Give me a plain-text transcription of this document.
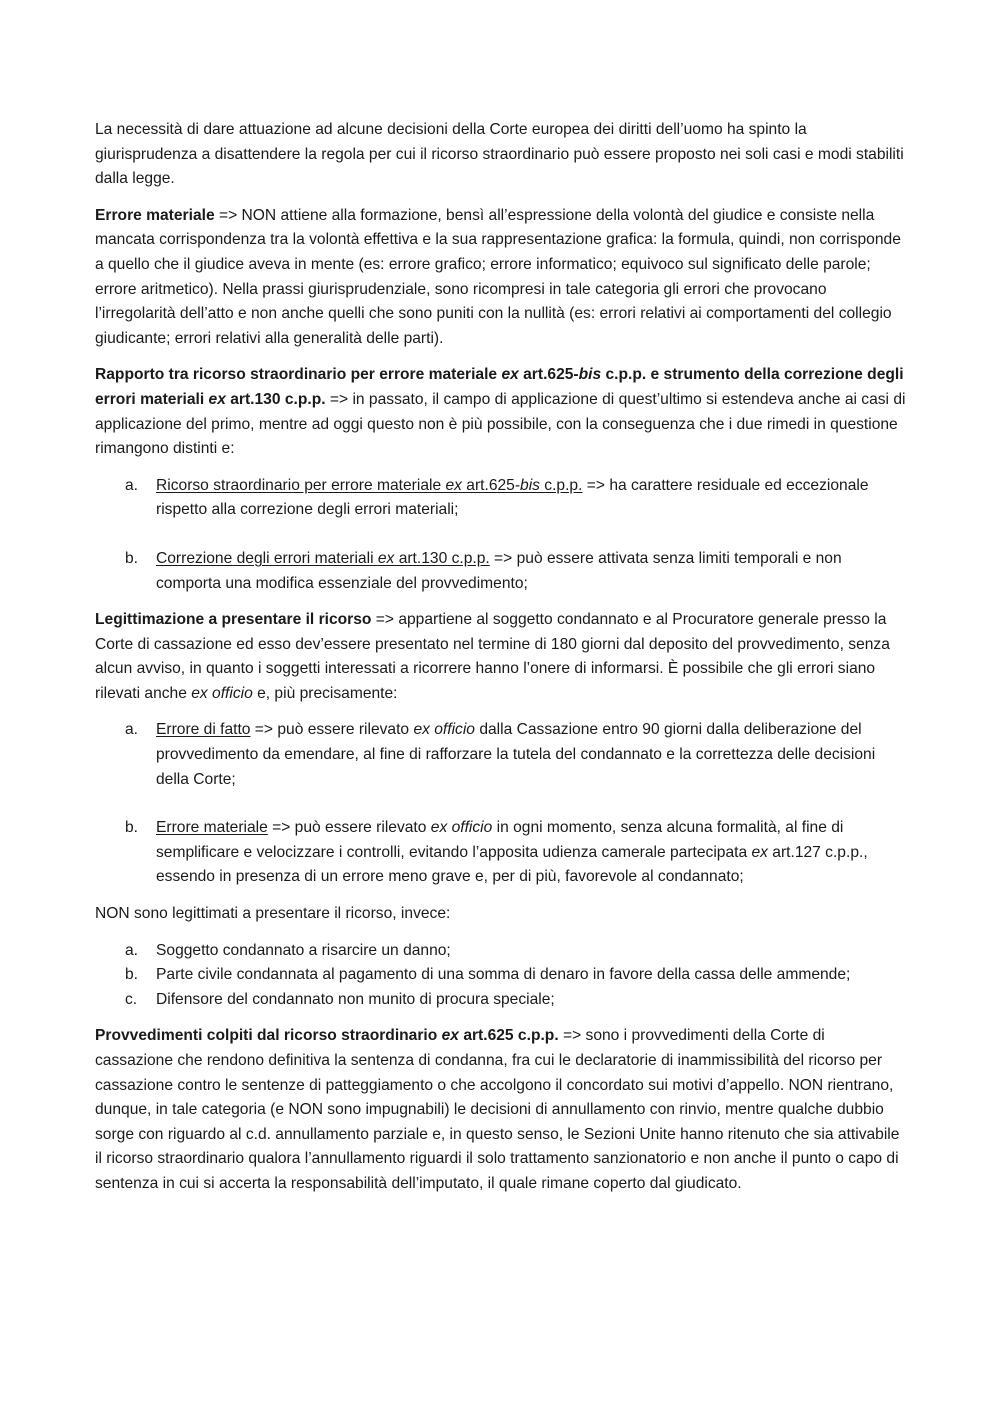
La necessità di dare attuazione ad alcune decisioni della Corte europea dei diritti dell’uomo ha spinto la giurisprudenza a disattendere la regola per cui il ricorso straordinario può essere proposto nei soli casi e modi stabiliti dalla legge.

Errore materiale => NON attiene alla formazione, bensì all’espressione della volontà del giudice e consiste nella mancata corrispondenza tra la volontà effettiva e la sua rappresentazione grafica: la formula, quindi, non corrisponde a quello che il giudice aveva in mente (es: errore grafico; errore informatico; equivoco sul significato delle parole; errore aritmetico). Nella prassi giurisprudenziale, sono ricompresi in tale categoria gli errori che provocano l’irregolarità dell’atto e non anche quelli che sono puniti con la nullità (es: errori relativi ai comportamenti del collegio giudicante; errori relativi alla generalità delle parti).

Rapporto tra ricorso straordinario per errore materiale ex art.625-bis c.p.p. e strumento della correzione degli errori materiali ex art.130 c.p.p. => in passato, il campo di applicazione di quest’ultimo si estendeva anche ai casi di applicazione del primo, mentre ad oggi questo non è più possibile, con la conseguenza che i due rimedi in questione rimangono distinti e:

a. Ricorso straordinario per errore materiale ex art.625-bis c.p.p. => ha carattere residuale ed eccezionale rispetto alla correzione degli errori materiali;
b. Correzione degli errori materiali ex art.130 c.p.p. => può essere attivata senza limiti temporali e non comporta una modifica essenziale del provvedimento;

Legittimazione a presentare il ricorso => appartiene al soggetto condannato e al Procuratore generale presso la Corte di cassazione ed esso dev’essere presentato nel termine di 180 giorni dal deposito del provvedimento, senza alcun avviso, in quanto i soggetti interessati a ricorrere hanno l’onere di informarsi. È possibile che gli errori siano rilevati anche ex officio e, più precisamente:

a. Errore di fatto => può essere rilevato ex officio dalla Cassazione entro 90 giorni dalla deliberazione del provvedimento da emendare, al fine di rafforzare la tutela del condannato e la correttezza delle decisioni della Corte;
b. Errore materiale => può essere rilevato ex officio in ogni momento, senza alcuna formalità, al fine di semplificare e velocizzare i controlli, evitando l’apposita udienza camerale partecipata ex art.127 c.p.p., essendo in presenza di un errore meno grave e, per di più, favorevole al condannato;

NON sono legittimati a presentare il ricorso, invece:

a. Soggetto condannato a risarcire un danno;
b. Parte civile condannata al pagamento di una somma di denaro in favore della cassa delle ammende;
c. Difensore del condannato non munito di procura speciale;

Provvedimenti colpiti dal ricorso straordinario ex art.625 c.p.p. => sono i provvedimenti della Corte di cassazione che rendono definitiva la sentenza di condanna, fra cui le declaratorie di inammissibilità del ricorso per cassazione contro le sentenze di patteggiamento o che accolgono il concordato sui motivi d’appello. NON rientrano, dunque, in tale categoria (e NON sono impugnabili) le decisioni di annullamento con rinvio, mentre qualche dubbio sorge con riguardo al c.d. annullamento parziale e, in questo senso, le Sezioni Unite hanno ritenuto che sia attivabile il ricorso straordinario qualora l’annullamento riguardi il solo trattamento sanzionatorio e non anche il punto o capo di sentenza in cui si accerta la responsabilità dell’imputato, il quale rimane coperto dal giudicato.
